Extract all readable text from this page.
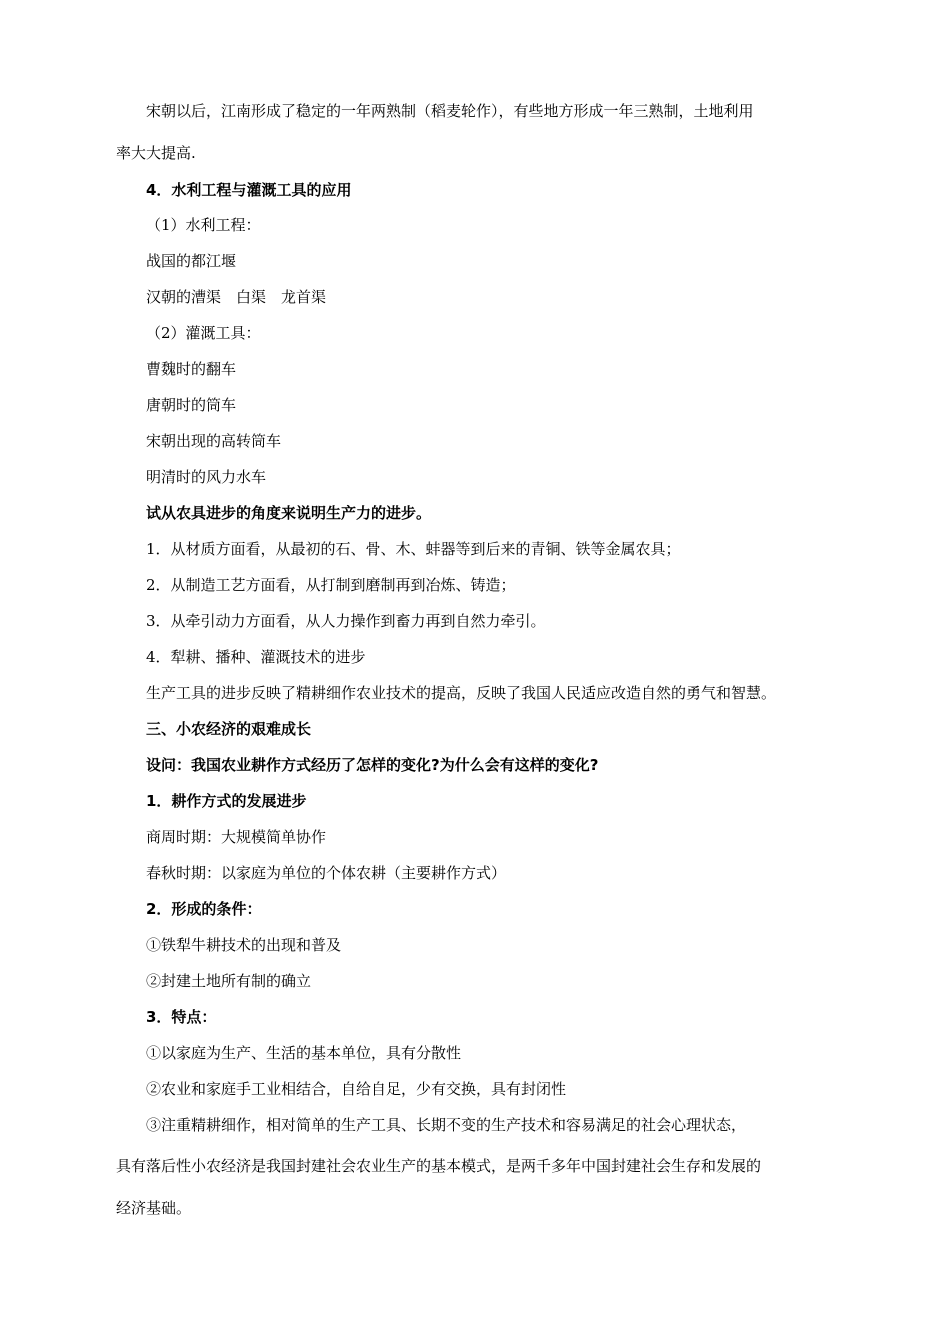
宋朝以后，江南形成了稳定的一年两熟制（稻麦轮作），有些地方形成一年三熟制，土地利用
率大大提高.
4．水利工程与灌溉工具的应用
（1）水利工程：
战国的都江堰
汉朝的漕渠　白渠　龙首渠
（2）灌溉工具：
曹魏时的翻车
唐朝时的筒车
宋朝出现的高转筒车
明清时的风力水车
试从农具进步的角度来说明生产力的进步。
1．从材质方面看，从最初的石、骨、木、蚌器等到后来的青铜、铁等金属农具；
2．从制造工艺方面看，从打制到磨制再到冶炼、铸造；
3．从牵引动力方面看，从人力操作到畜力再到自然力牵引。
4．犁耕、播种、灌溉技术的进步
生产工具的进步反映了精耕细作农业技术的提高，反映了我国人民适应改造自然的勇气和智慧。
三、小农经济的艰难成长
设问：我国农业耕作方式经历了怎样的变化?为什么会有这样的变化?
1．耕作方式的发展进步
商周时期：大规模简单协作
春秋时期：以家庭为单位的个体农耕（主要耕作方式）
2．形成的条件：
①铁犁牛耕技术的出现和普及
②封建土地所有制的确立
3．特点：
①以家庭为生产、生活的基本单位，具有分散性
②农业和家庭手工业相结合，自给自足，少有交换，具有封闭性
③注重精耕细作，相对简单的生产工具、长期不变的生产技术和容易满足的社会心理状态，
具有落后性小农经济是我国封建社会农业生产的基本模式，是两千多年中国封建社会生存和发展的
经济基础。
